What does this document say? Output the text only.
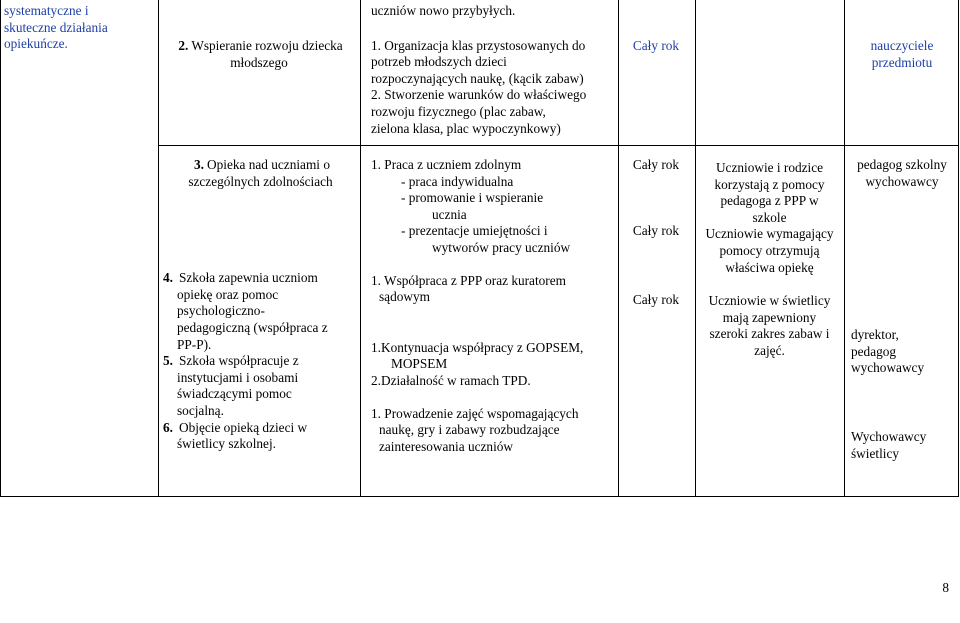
systematyczne i
skuteczne działania
opiekuńcze.	2. Wspieranie rozwoju dziecka
młodszego
uczniów nowo przybyłych.
1. Organizacja klas przystosowanych do
potrzeb młodszych dzieci
rozpoczynających naukę, (kącik zabaw)
2. Stworzenie warunków do właściwego
rozwoju fizycznego (plac zabaw,
zielona klasa, plac wypoczynkowy)
Cały rok	nauczyciele
przedmiotu
3. Opieka nad uczniami o
szczególnych zdolnościach
4. Szkoła zapewnia uczniom
opiekę oraz pomoc
psychologiczno-
pedagogiczną (współpraca z
PP-P).
5. Szkoła współpracuje z
instytucjami i osobami
świadczącymi pomoc
socjalną.
6. Objęcie opieką dzieci w
świetlicy szkolnej.
1. Praca z uczniem zdolnym
- praca indywidualna
- promowanie i wspieranie
ucznia
- prezentacje umiejętności i
wytworów pracy uczniów
1. Współpraca z PPP oraz kuratorem
sądowym
1.Kontynuacja współpracy z GOPSEM,
MOPSEM
2.Działalność w ramach TPD.
1. Prowadzenie zajęć wspomagających
naukę, gry i zabawy rozbudzające
zainteresowania uczniów
Cały rok
Cały rok
Cały rok
Uczniowie i rodzice
korzystają z pomocy
pedagoga z PPP w
szkole
Uczniowie wymagający
pomocy otrzymują
właściwa opiekę
Uczniowie w świetlicy
mają zapewniony
szeroki zakres zabaw i
zajęć.
pedagog szkolny
wychowawcy
dyrektor,
pedagog
wychowawcy
Wychowawcy
świetlicy
8
